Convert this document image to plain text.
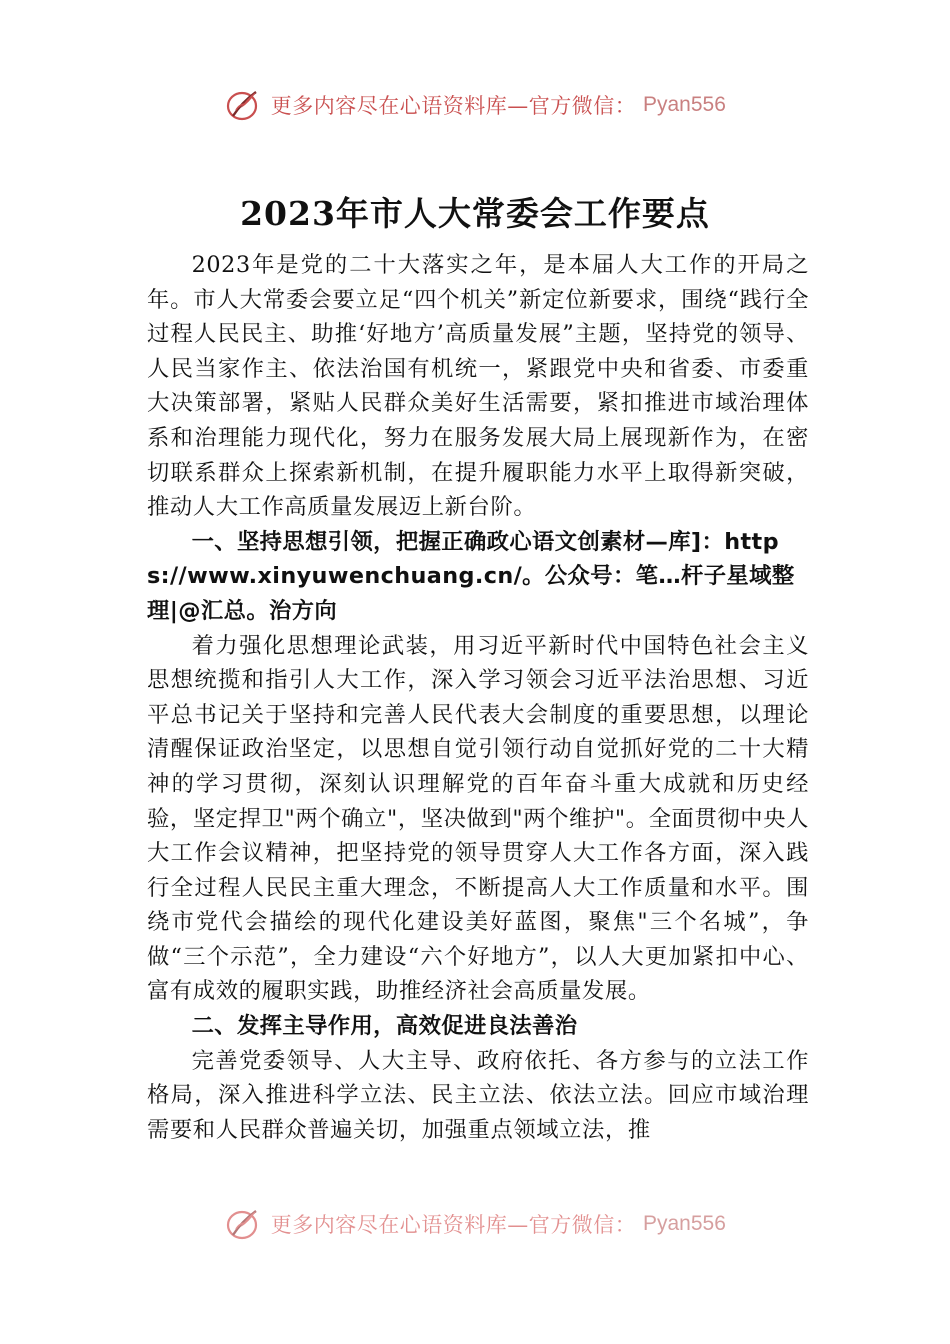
更多内容尽在心语资料库—官方微信： Pyan556
2023年市人大常委会工作要点

2023年是党的二十大落实之年，是本届人大工作的开局之年。市人大常委会要立足“四个机关”新定位新要求，围绕“践行全过程人民民主、助推‘好地方’高质量发展”主题，坚持党的领导、人民当家作主、依法治国有机统一，紧跟党中央和省委、市委重大决策部署，紧贴人民群众美好生活需要，紧扣推进市域治理体系和治理能力现代化，努力在服务发展大局上展现新作为，在密切联系群众上探索新机制，在提升履职能力水平上取得新突破，推动人大工作高质量发展迈上新台阶。

一、坚持思想引领，把握正确政心语文创素材—库]：https://www.xinyuwenchuang.cn/。公众号：笔…杆子星域整理|@汇总。治方向

着力强化思想理论武装，用习近平新时代中国特色社会主义思想统揽和指引人大工作，深入学习领会习近平法治思想、习近平总书记关于坚持和完善人民代表大会制度的重要思想，以理论清醒保证政治坚定，以思想自觉引领行动自觉抓好党的二十大精神的学习贯彻，深刻认识理解党的百年奋斗重大成就和历史经验，坚定捍卫"两个确立"，坚决做到"两个维护"。全面贯彻中央人大工作会议精神，把坚持党的领导贯穿人大工作各方面，深入践行全过程人民民主重大理念，不断提高人大工作质量和水平。围绕市党代会描绘的现代化建设美好蓝图，聚焦"三个名城”，争做“三个示范”，全力建设“六个好地方”，以人大更加紧扣中心、富有成效的履职实践，助推经济社会高质量发展。

二、发挥主导作用，高效促进良法善治

完善党委领导、人大主导、政府依托、各方参与的立法工作格局，深入推进科学立法、民主立法、依法立法。回应市域治理需要和人民群众普遍关切，加强重点领域立法，推

更多内容尽在心语资料库—官方微信： Pyan556
